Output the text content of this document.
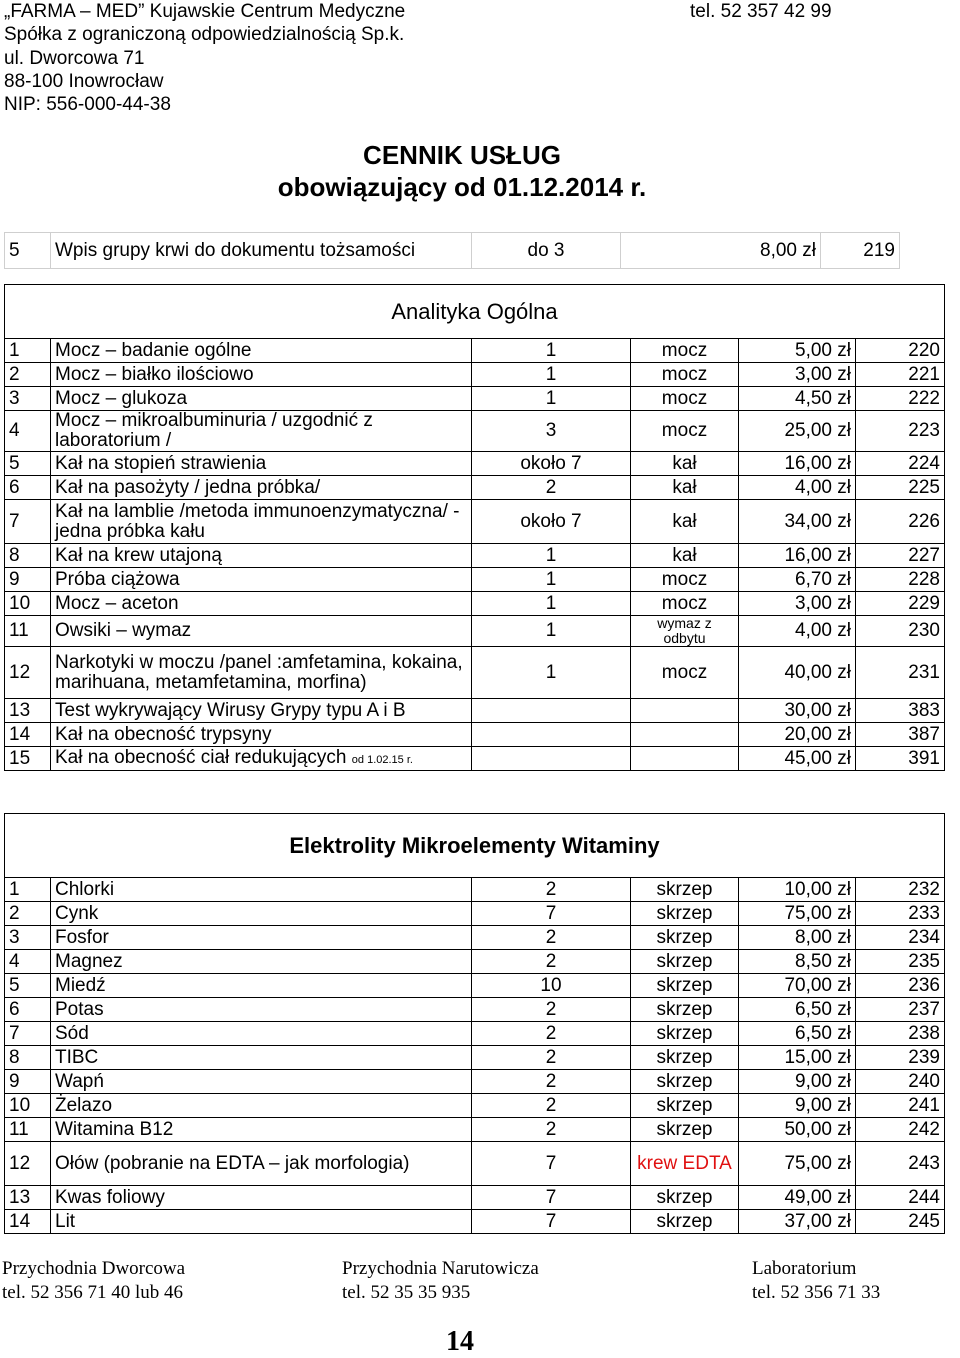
„FARMA – MED” Kujawskie Centrum Medyczne
Spółka z ograniczoną odpowiedzialnością Sp.k.
ul. Dworcowa 71
88-100 Inowrocław
NIP: 556-000-44-38
tel. 52 357 42 99
CENNIK USŁUG
obowiązujący od 01.12.2014 r.
5	Wpis grupy krwi do dokumentu tożsamości	do 3	8,00 zł	219
Analityka Ogólna					
1	Mocz – badanie ogólne	1	mocz	5,00 zł	220
2	Mocz – białko ilościowo	1	mocz	3,00 zł	221
3	Mocz – glukoza	1	mocz	4,50 zł	222
4	Mocz – mikroalbuminuria / uzgodnić z laboratorium /	3	mocz	25,00 zł	223
5	Kał na stopień strawienia	około 7	kał	16,00 zł	224
6	Kał na pasożyty / jedna próbka/	2	kał	4,00 zł	225
7	Kał na lamblie /metoda immunoenzymatyczna/ - jedna próbka kału	około 7	kał	34,00 zł	226
8	Kał na krew utajoną	1	kał	16,00 zł	227
9	Próba ciążowa	1	mocz	6,70 zł	228
10	Mocz – aceton	1	mocz	3,00 zł	229
11	Owsiki – wymaz	1	wymaz z odbytu	4,00 zł	230
12	Narkotyki w moczu /panel :amfetamina, kokaina, marihuana, metamfetamina, morfina)	1	mocz	40,00 zł	231
13	Test wykrywający Wirusy Grypy typu A i B			30,00 zł	383
14	Kał na obecność trypsyny			20,00 zł	387
15	Kał na obecność ciał redukujących od 1.02.15 r.			45,00 zł	391
Elektrolity Mikroelementy Witaminy					
1	Chlorki	2	skrzep	10,00 zł	232
2	Cynk	7	skrzep	75,00 zł	233
3	Fosfor	2	skrzep	8,00 zł	234
4	Magnez	2	skrzep	8,50 zł	235
5	Miedź	10	skrzep	70,00 zł	236
6	Potas	2	skrzep	6,50 zł	237
7	Sód	2	skrzep	6,50 zł	238
8	TIBC	2	skrzep	15,00 zł	239
9	Wapń	2	skrzep	9,00 zł	240
10	Żelazo	2	skrzep	9,00 zł	241
11	Witamina B12	2	skrzep	50,00 zł	242
12	Ołów (pobranie na EDTA – jak morfologia)	7	krew EDTA	75,00 zł	243
13	Kwas foliowy	7	skrzep	49,00 zł	244
14	Lit	7	skrzep	37,00 zł	245
Przychodnia Dworcowa
tel. 52 356 71 40 lub 46
Przychodnia Narutowicza
tel. 52 35 35 935
Laboratorium
tel. 52 356 71 33
14
